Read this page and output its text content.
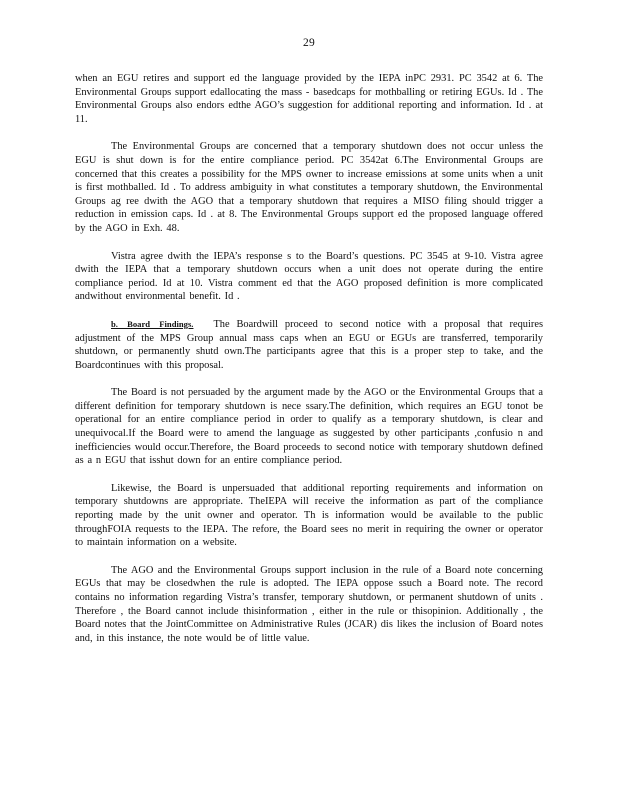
29

when an EGU retires and support ed the language provided by the IEPA inPC 2931. PC 3542 at 6. The Environmental Groups support edallocating the mass - basedcaps for mothballing or retiring EGUs. Id . The Environmental Groups also endors edthe AGO’s suggestion for additional reporting and information. Id . at 11.

The Environmental Groups are concerned that a temporary shutdown does not occur unless the EGU is shut down is for the entire compliance period. PC 3542at 6.The Environmental Groups are concerned that this creates a possibility for the MPS owner to increase emissions at some units when a unit is first mothballed. Id . To address ambiguity in what constitutes a temporary shutdown, the Environmental Groups ag ree dwith the AGO that a temporary shutdown that requires a MISO filing should trigger a reduction in emission caps. Id . at 8. The Environmental Groups support ed the proposed language offered by the AGO in Exh. 48.

Vistra agree dwith the IEPA’s response s to the Board’s questions. PC 3545 at 9-10. Vistra agree dwith the IEPA that a temporary shutdown occurs when a unit does not operate during the entire compliance period. Id at 10. Vistra comment ed that the AGO proposed definition is more complicated andwithout environmental benefit. Id .

b. Board Findings. The Boardwill proceed to second notice with a proposal that requires adjustment of the MPS Group annual mass caps when an EGU or EGUs are transferred, temporarily shutdown, or permanently shutd own.The participants agree that this is a proper step to take, and the Boardcontinues with this proposal.

The Board is not persuaded by the argument made by the AGO or the Environmental Groups that a different definition for temporary shutdown is nece ssary.The definition, which requires an EGU tonot be operational for an entire compliance period in order to qualify as a temporary shutdown, is clear and unequivocal.If the Board were to amend the language as suggested by other participants ,confusio n and inefficiencies would occur.Therefore, the Board proceeds to second notice with temporary shutdown defined as a n EGU that isshut down for an entire compliance period.

Likewise, the Board is unpersuaded that additional reporting requirements and information on temporary shutdowns are appropriate. TheIEPA will receive the information as part of the compliance reporting made by the unit owner and operator. Th is information would be available to the public throughFOIA requests to the IEPA. The refore, the Board sees no merit in requiring the owner or operator to maintain information on a website.

The AGO and the Environmental Groups support inclusion in the rule of a Board note concerning EGUs that may be closedwhen the rule is adopted. The IEPA oppose ssuch a Board note. The record contains no information regarding Vistra’s transfer, temporary shutdown, or permanent shutdown of units . Therefore , the Board cannot include thisinformation , either in the rule or thisopinion. Additionally , the Board notes that the JointCommittee on Administrative Rules (JCAR) dis likes the inclusion of Board notes and, in this instance, the note would be of little value.
